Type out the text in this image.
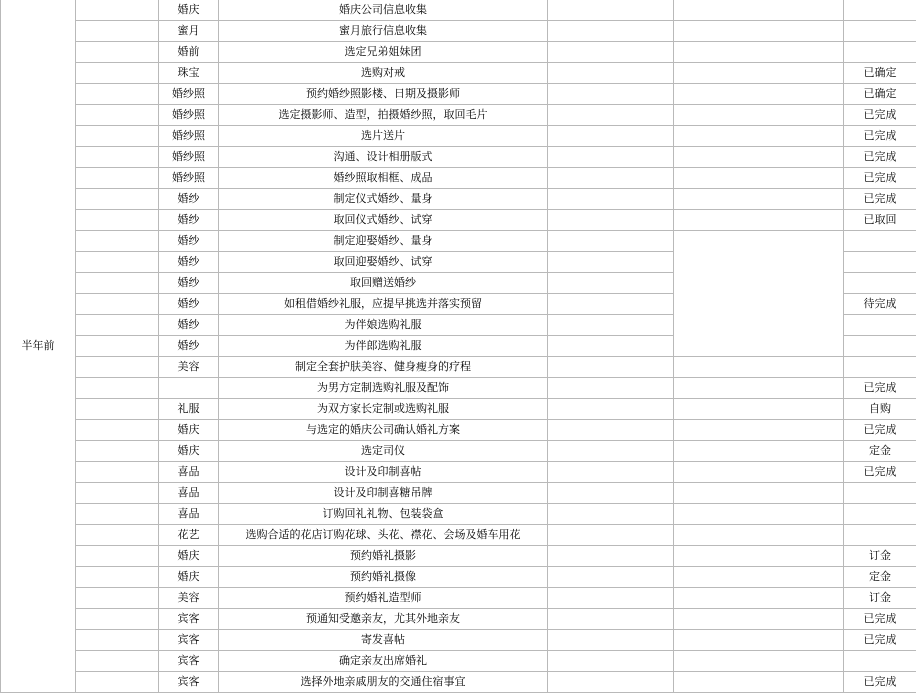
半年前		婚庆	婚庆公司信息收集			
		蜜月	蜜月旅行信息收集			
		婚前	选定兄弟姐妹团			
		珠宝	选购对戒			已确定
		婚纱照	预约婚纱照影楼、日期及摄影师			已确定
		婚纱照	选定摄影师、造型，拍摄婚纱照，取回毛片			已完成
		婚纱照	选片送片			已完成
		婚纱照	沟通、设计相册版式			已完成
		婚纱照	婚纱照取相框、成品			已完成
		婚纱	制定仪式婚纱、量身			已完成
		婚纱	取回仪式婚纱、试穿			已取回
		婚纱	制定迎娶婚纱、量身			
		婚纱	取回迎娶婚纱、试穿			
		婚纱	取回赠送婚纱			
		婚纱	如租借婚纱礼服，应提早挑选并落实预留			待完成
		婚纱	为伴娘选购礼服			
		婚纱	为伴郎选购礼服			
		美容	制定全套护肤美容、健身瘦身的疗程			
			为男方定制选购礼服及配饰			已完成
		礼服	为双方家长定制或选购礼服			自购
		婚庆	与选定的婚庆公司确认婚礼方案			已完成
		婚庆	选定司仪			定金
		喜品	设计及印制喜帖			已完成
		喜品	设计及印制喜糖吊牌			
		喜品	订购回礼礼物、包装袋盒			
		花艺	选购合适的花店订购花球、头花、襟花、会场及婚车用花			
		婚庆	预约婚礼摄影			订金
		婚庆	预约婚礼摄像			定金
		美容	预约婚礼造型师			订金
		宾客	预通知受邀亲友，尤其外地亲友			已完成
		宾客	寄发喜帖			已完成
		宾客	确定亲友出席婚礼			
		宾客	选择外地亲戚朋友的交通住宿事宜			已完成
